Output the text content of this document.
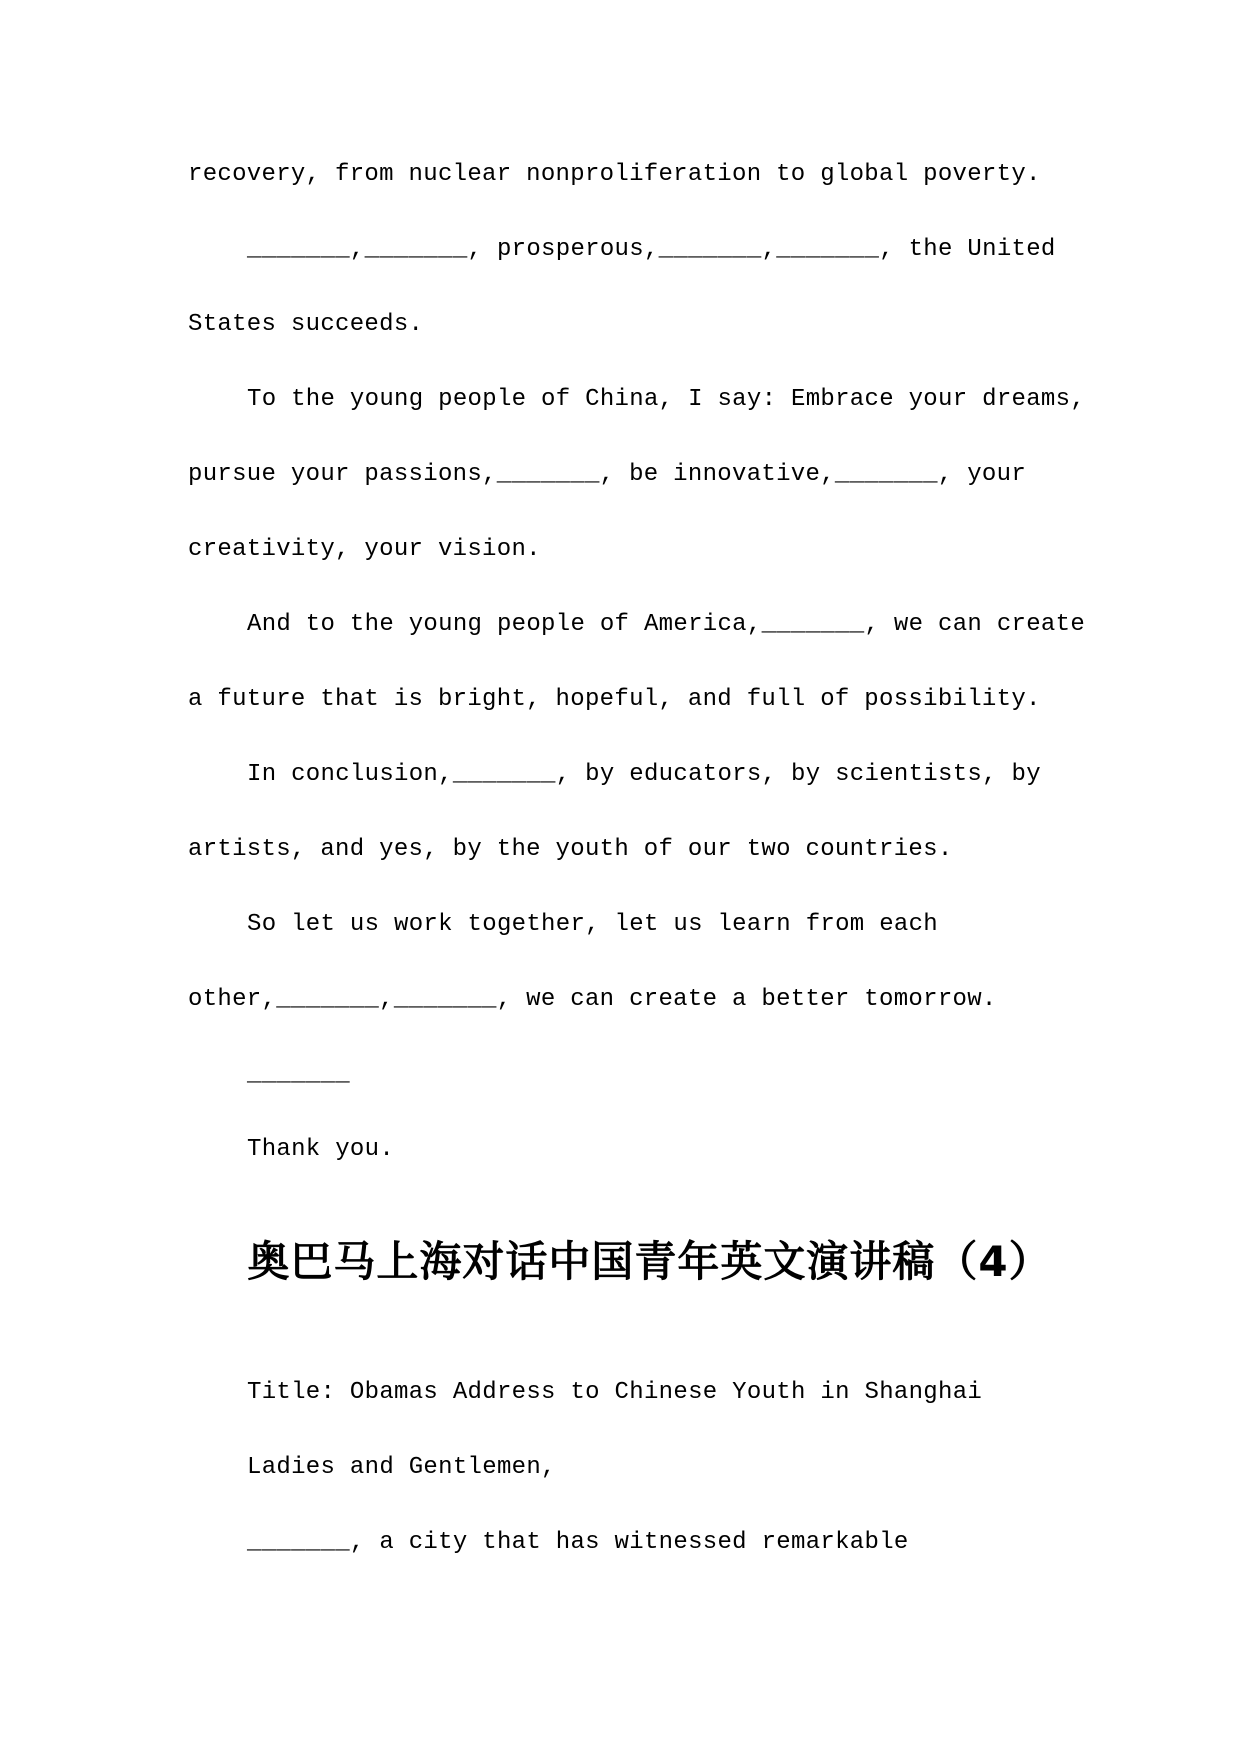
recovery, from nuclear nonproliferation to global poverty.
_______,_______, prosperous,_______,_______, the United
States succeeds.
To the young people of China, I say: Embrace your dreams,
pursue your passions,_______, be innovative,_______, your
creativity, your vision.
And to the young people of America,_______, we can create
a future that is bright, hopeful, and full of possibility.
In conclusion,_______, by educators, by scientists, by
artists, and yes, by the youth of our two countries.
So let us work together, let us learn from each
other,_______,_______, we can create a better tomorrow.
_______
Thank you.
奥巴马上海对话中国青年英文演讲稿（4）
Title: Obamas Address to Chinese Youth in Shanghai
Ladies and Gentlemen,
_______, a city that has witnessed remarkable
